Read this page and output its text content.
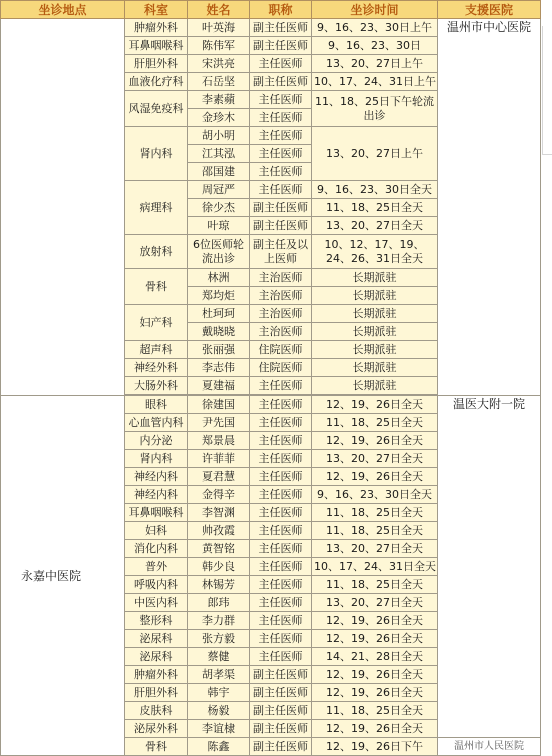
坐诊地点	科室	姓名	职称	坐诊时间	支援医院
	肿瘤外科	叶英海	副主任医师	9、16、23、30日上午	温州市中心医院
	耳鼻咽喉科	陈伟军	副主任医师	9、16、23、30日	
	肝胆外科	宋洪亮	主任医师	13、20、27日上午	
	血液化疗科	石岳坚	副主任医师	10、17、24、31日上午	
	风湿免疫科	李素蘋	主任医师	11、18、25日下午轮流出诊	
		金珍木	主任医师		
	肾内科	胡小明	主任医师	13、20、27日上午	
		江其泓	主任医师		
		邵国建	主任医师		
	病理科	周冠严	主任医师	9、16、23、30日全天	
		徐少杰	副主任医师	11、18、25日全天	
		叶琼	副主任医师	13、20、27日全天	
	放射科	6位医师轮流出诊	副主任及以上医师	10、12、17、19、24、26、31日全天	
	骨科	林洲	主治医师	长期派驻	
		郑均炬	主治医师	长期派驻	
	妇产科	杜珂珂	主治医师	长期派驻	
		戴晓晓	主治医师	长期派驻	
	超声科	张丽强	住院医师	长期派驻	
	神经外科	李志伟	住院医师	长期派驻	
	大肠外科	夏建福	主任医师	长期派驻	

永嘉中医院	眼科	徐建国	主任医师	12、19、26日全天	温医大附一院
	心血管内科	尹先国	主任医师	11、18、25日全天	
	内分泌	郑景晨	主任医师	12、19、26日全天	
	肾内科	许菲菲	主任医师	13、20、27日全天	
	神经内科	夏君慧	主任医师	12、19、26日全天	
	神经内科	金得辛	主任医师	9、16、23、30日全天	
	耳鼻咽喉科	李智渊	主任医师	11、18、25日全天	
	妇科	帅孜霞	主任医师	11、18、25日全天	
	消化内科	黄智铭	主任医师	13、20、27日全天	
	普外	韩少良	主任医师	10、17、24、31日全天	
	呼吸内科	林锡芳	主任医师	11、18、25日全天	
	中医内科	郎玮	主任医师	13、20、27日全天	
	整形科	李力群	主任医师	12、19、26日全天	
	泌尿科	张方毅	主任医师	12、19、26日全天	
	泌尿科	蔡健	主任医师	14、21、28日全天	
	肿瘤外科	胡孝渠	副主任医师	12、19、26日全天	
	肝胆外科	韩宇	副主任医师	12、19、26日全天	
	皮肤科	杨毅	副主任医师	11、18、25日全天	
	泌尿外科	李谊棣	副主任医师	12、19、26日全天	
	骨科	陈鑫	副主任医师	12、19、26日下午	温州市人民医院
